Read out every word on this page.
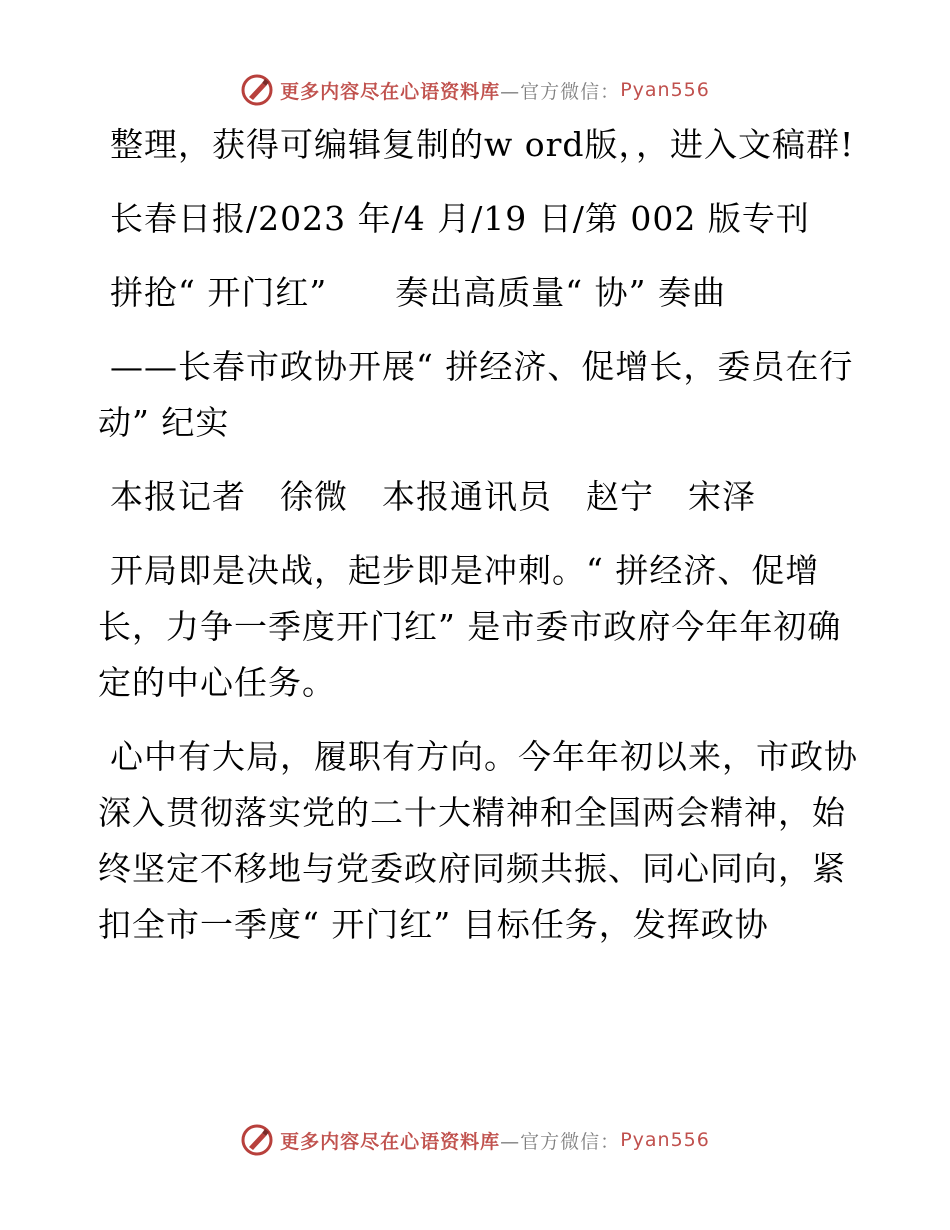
更多内容尽在心语资料库 —官方微信： Pyan556

整理，获得可编辑复制的w ord版，，进入文稿群!

长春日报/2023 年/4 月/19 日/第 002 版专刊

拼抢“ 开门红”　　奏出高质量“ 协” 奏曲

——长春市政协开展“ 拼经济、促增长，委员在行动” 纪实

本报记者　徐微　本报通讯员　赵宁　宋泽

开局即是决战，起步即是冲刺。“ 拼经济、促增长，力争一季度开门红” 是市委市政府今年年初确定的中心任务。

心中有大局，履职有方向。今年年初以来，市政协深入贯彻落实党的二十大精神和全国两会精神，始终坚定不移地与党委政府同频共振、同心同向，紧扣全市一季度“ 开门红” 目标任务，发挥政协

更多内容尽在心语资料库 —官方微信： Pyan556
